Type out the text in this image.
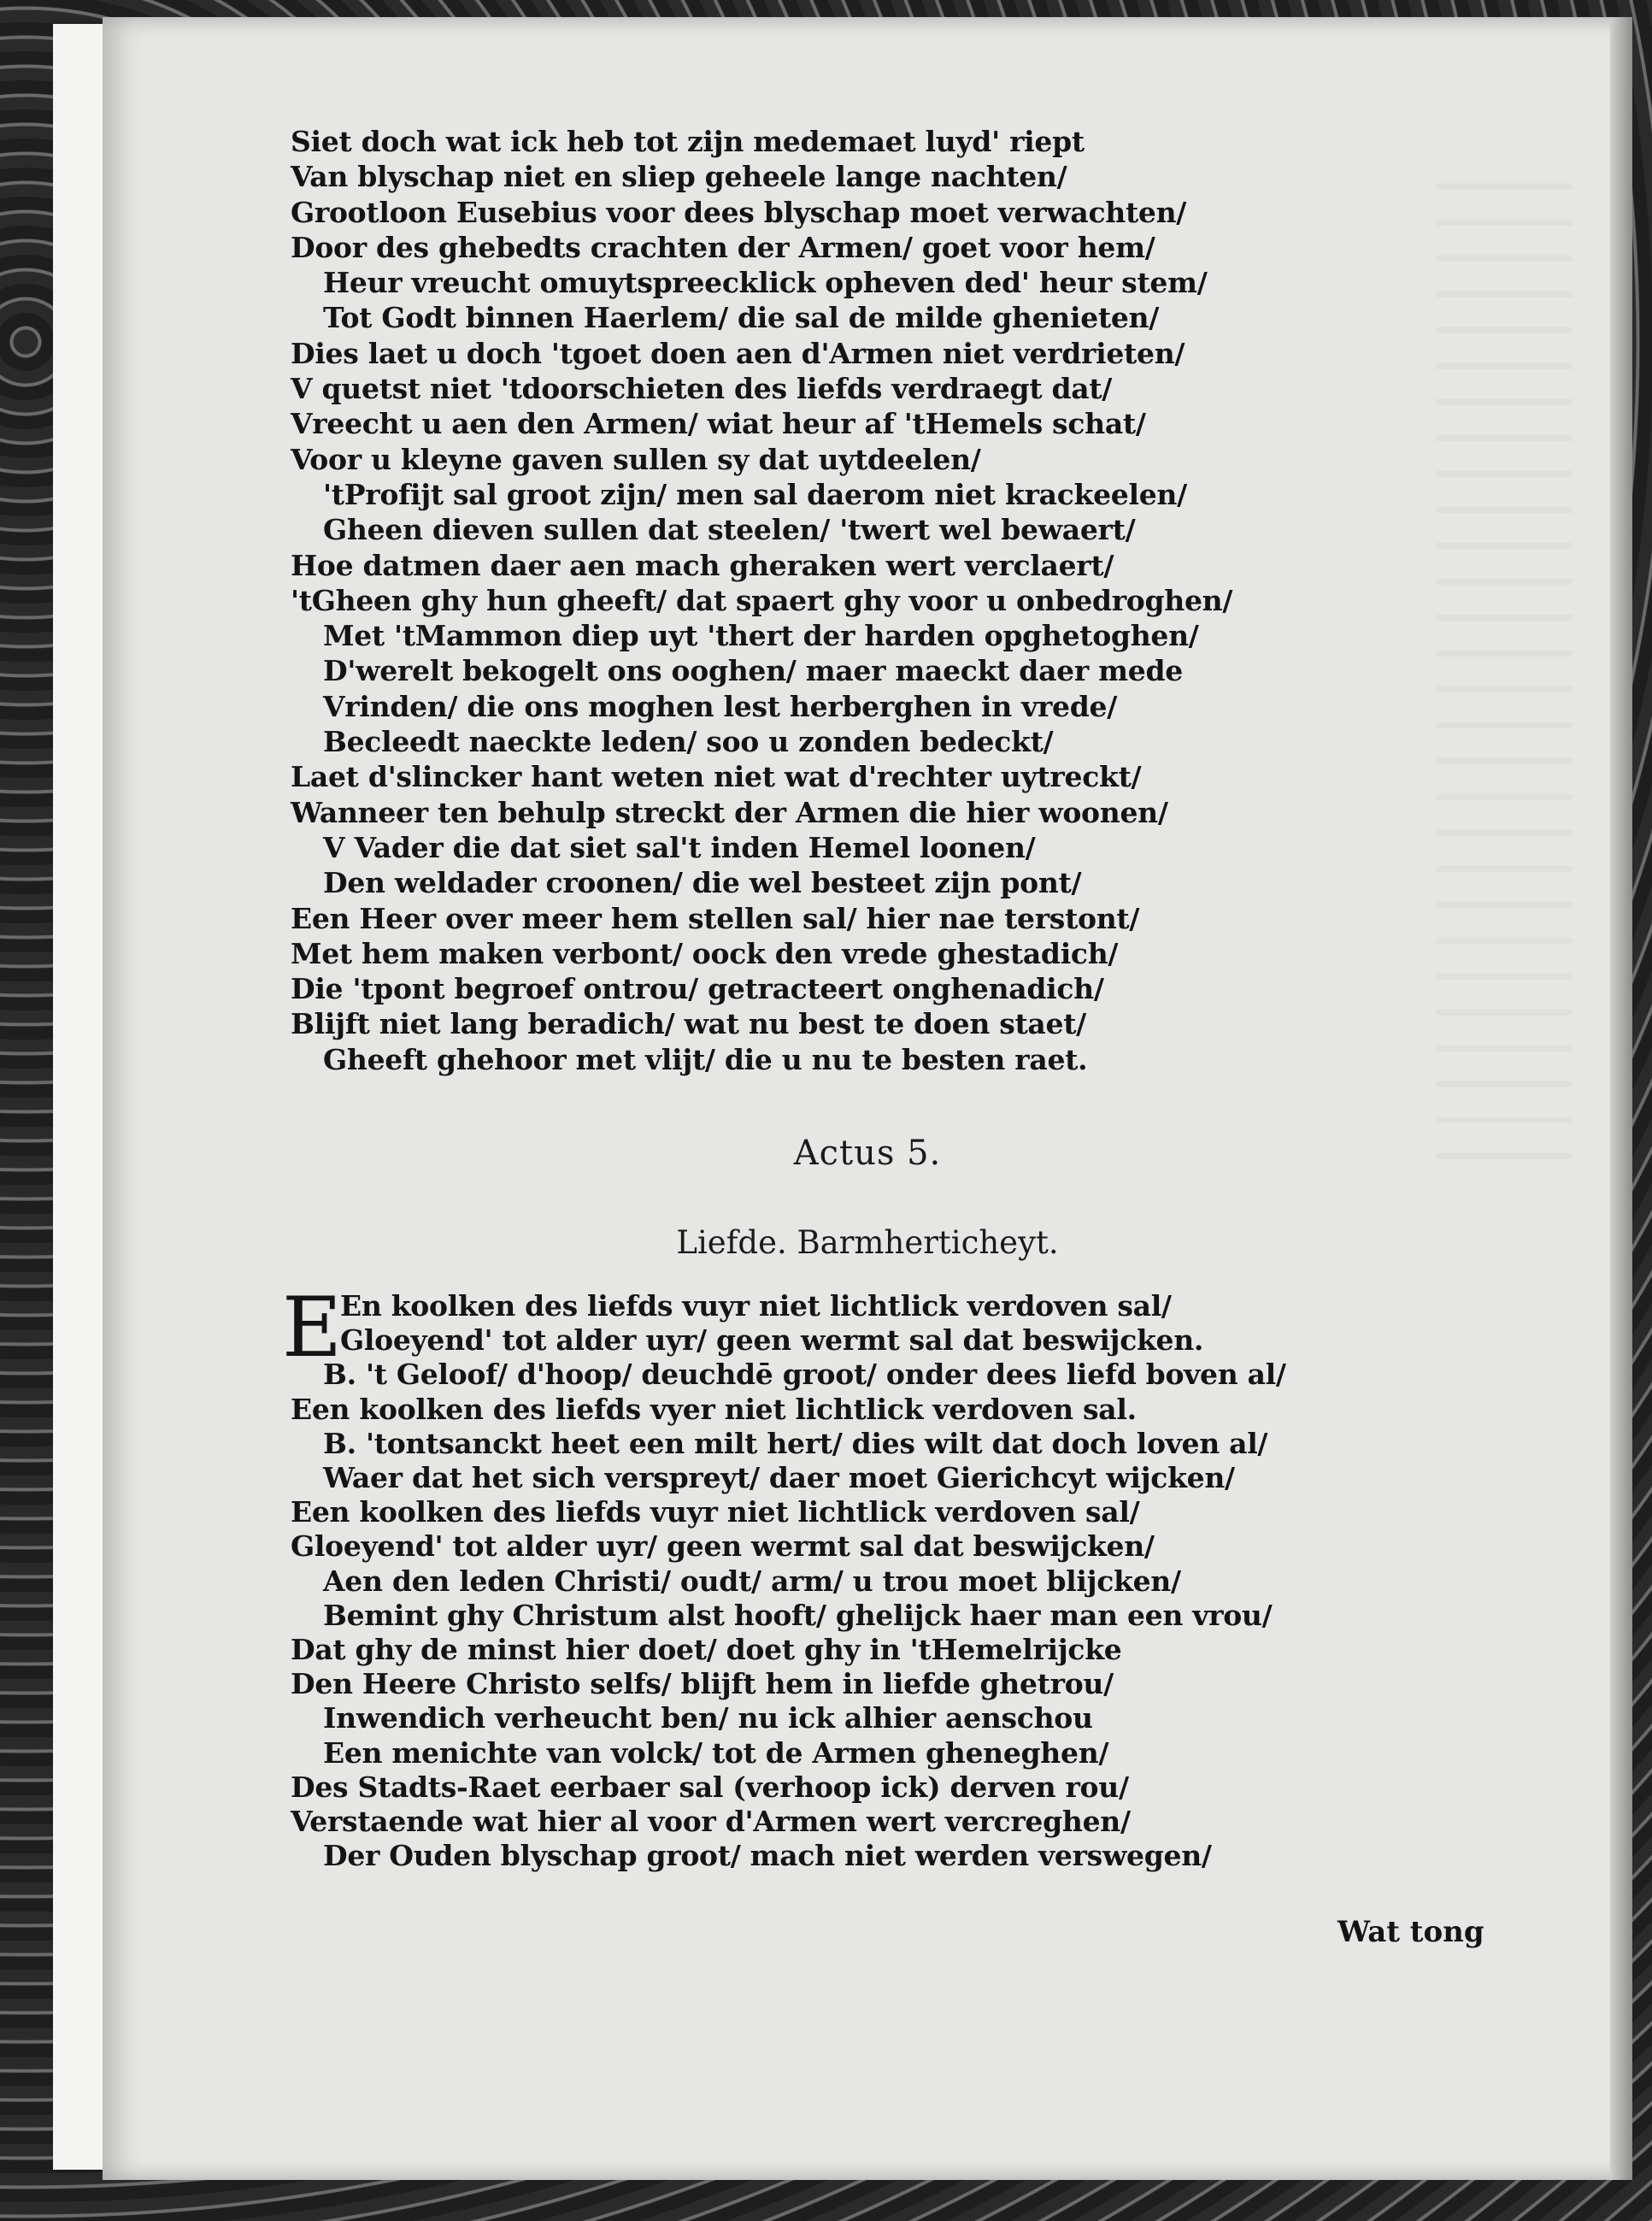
Siet doch wat ick heb tot zijn medemaet luyd' riept
Van blyschap niet en sliep geheele lange nachten/
Grootloon Eusebius voor dees blyschap moet verwachten/
Door des ghebedts crachten der Armen/ goet voor hem/
Heur vreucht omuytspreecklick opheven ded' heur stem/
Tot Godt binnen Haerlem/ die sal de milde ghenieten/
Dies laet u doch 'tgoet doen aen d'Armen niet verdrieten/
V quetst niet 'tdoorschieten des liefds verdraegt dat/
Vreecht u aen den Armen/ wiat heur af 'tHemels schat/
Voor u kleyne gaven sullen sy dat uytdeelen/
'tProfijt sal groot zijn/ men sal daerom niet krackeelen/
Gheen dieven sullen dat steelen/ 'twert wel bewaert/
Hoe datmen daer aen mach gheraken wert verclaert/
'tGheen ghy hun gheeft/ dat spaert ghy voor u onbedroghen/
Met 'tMammon diep uyt 'thert der harden opghetoghen/
D'werelt bekogelt ons ooghen/ maer maeckt daer mede
Vrinden/ die ons moghen lest herberghen in vrede/
Becleedt naeckte leden/ soo u zonden bedeckt/
Laet d'slincker hant weten niet wat d'rechter uytreckt/
Wanneer ten behulp streckt der Armen die hier woonen/
V Vader die dat siet sal't inden Hemel loonen/
Den weldader croonen/ die wel besteet zijn pont/
Een Heer over meer hem stellen sal/ hier nae terstont/
Met hem maken verbont/ oock den vrede ghestadich/
Die 'tpont begroef ontrou/ getracteert onghenadich/
Blijft niet lang beradich/ wat nu best te doen staet/
Gheeft ghehoor met vlijt/ die u nu te besten raet.
Actus 5.
Liefde. Barmherticheyt.
E
En koolken des liefds vuyr niet lichtlick verdoven sal/
Gloeyend' tot alder uyr/ geen wermt sal dat beswijcken.
B. 't Geloof/ d'hoop/ deuchdē groot/ onder dees liefd boven al/
Een koolken des liefds vyer niet lichtlick verdoven sal.
B. 'tontsanckt heet een milt hert/ dies wilt dat doch loven al/
Waer dat het sich verspreyt/ daer moet Gierichcyt wijcken/
Een koolken des liefds vuyr niet lichtlick verdoven sal/
Gloeyend' tot alder uyr/ geen wermt sal dat beswijcken/
Aen den leden Christi/ oudt/ arm/ u trou moet blijcken/
Bemint ghy Christum alst hooft/ ghelijck haer man een vrou/
Dat ghy de minst hier doet/ doet ghy in 'tHemelrijcke
Den Heere Christo selfs/ blijft hem in liefde ghetrou/
Inwendich verheucht ben/ nu ick alhier aenschou
Een menichte van volck/ tot de Armen gheneghen/
Des Stadts-Raet eerbaer sal (verhoop ick) derven rou/
Verstaende wat hier al voor d'Armen wert vercreghen/
Der Ouden blyschap groot/ mach niet werden verswegen/
Wat tong
